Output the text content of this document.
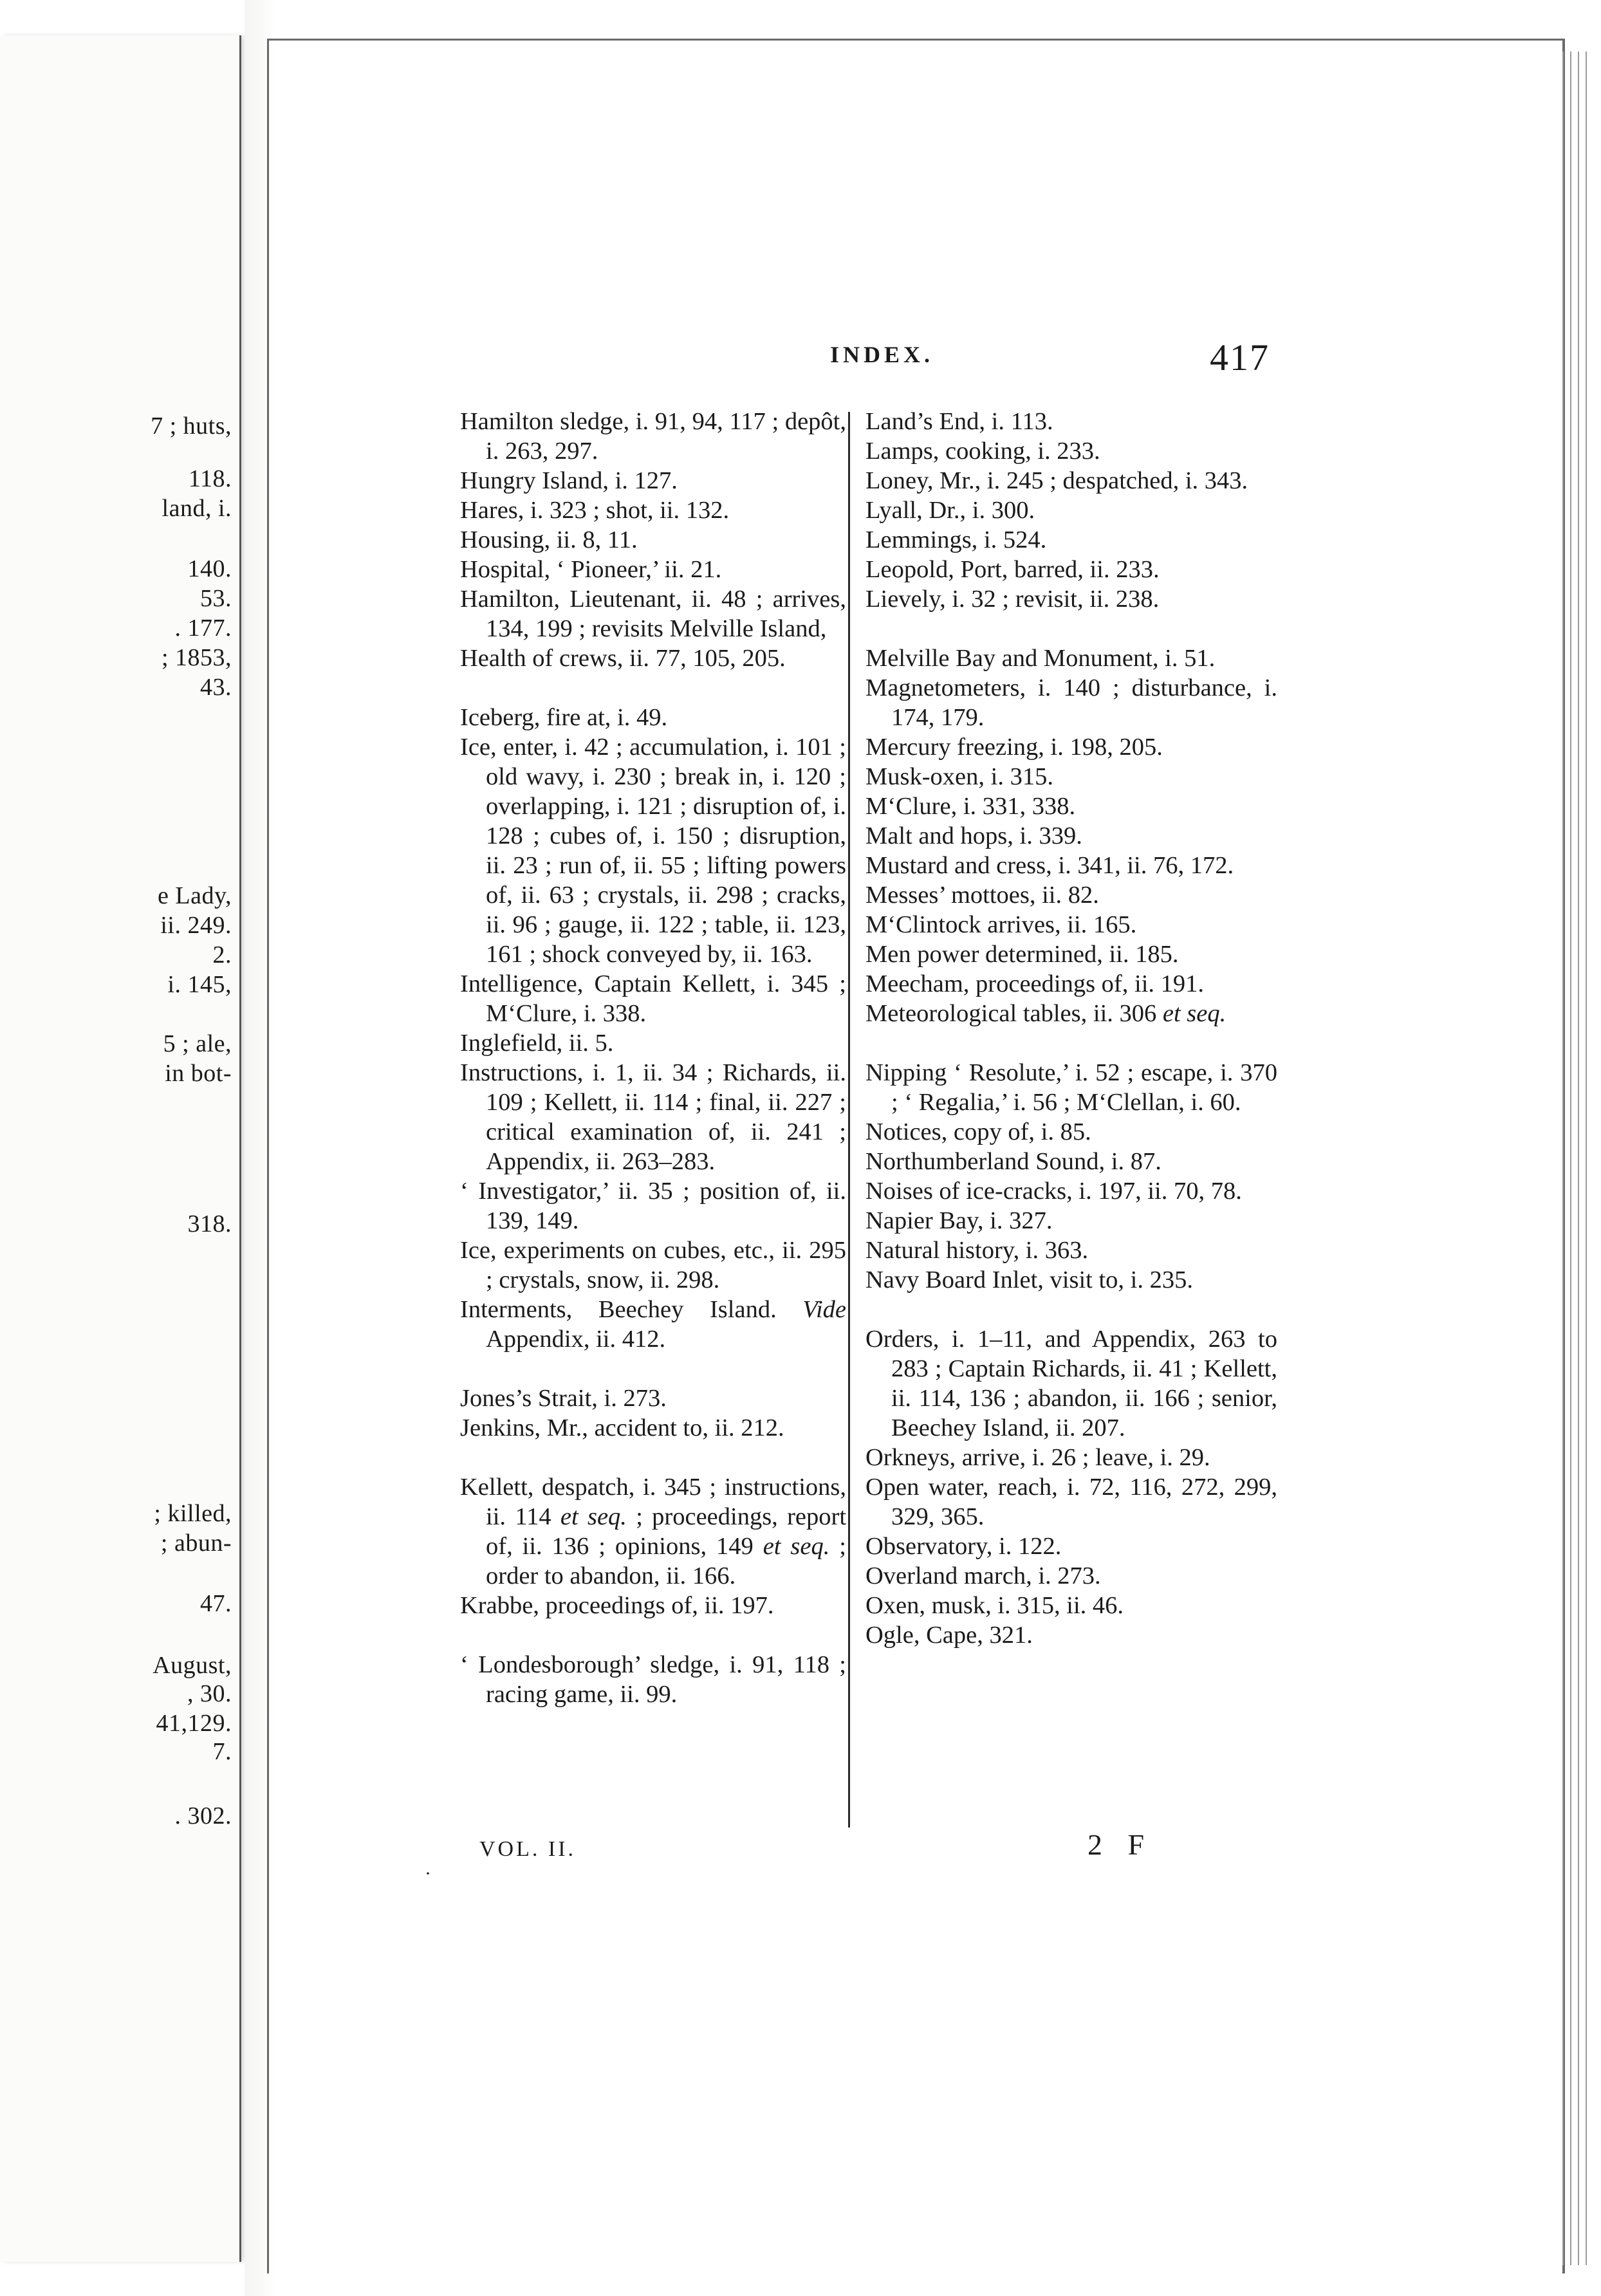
7 ; huts,
118.
land, i.
140.
53.
. 177.
; 1853,
43.
e Lady,
ii. 249.
2.
i. 145,
5 ; ale,
in bot-
318.
; killed,
; abun-
47.
August,
, 30.
41,129.
7.
. 302.
INDEX.	417
Hamilton sledge, i. 91, 94, 117 ; depôt, i. 263, 297.
Hungry Island, i. 127.
Hares, i. 323 ; shot, ii. 132.
Housing, ii. 8, 11.
Hospital, ‘ Pioneer,’ ii. 21.
Hamilton, Lieutenant, ii. 48 ; arrives, 134, 199 ; revisits Melville Island,
Health of crews, ii. 77, 105, 205.
Iceberg, fire at, i. 49.
Ice, enter, i. 42 ; accumulation, i. 101 ; old wavy, i. 230 ; break in, i. 120 ; overlapping, i. 121 ; disruption of, i. 128 ; cubes of, i. 150 ; disruption, ii. 23 ; run of, ii. 55 ; lifting powers of, ii. 63 ; crystals, ii. 298 ; cracks, ii. 96 ; gauge, ii. 122 ; table, ii. 123, 161 ; shock conveyed by, ii. 163.
Intelligence, Captain Kellett, i. 345 ; M‘Clure, i. 338.
Inglefield, ii. 5.
Instructions, i. 1, ii. 34 ; Richards, ii. 109 ; Kellett, ii. 114 ; final, ii. 227 ; critical examination of, ii. 241 ; Appendix, ii. 263–283.
‘ Investigator,’ ii. 35 ; position of, ii. 139, 149.
Ice, experiments on cubes, etc., ii. 295 ; crystals, snow, ii. 298.
Interments, Beechey Island. Vide Appendix, ii. 412.
Jones’s Strait, i. 273.
Jenkins, Mr., accident to, ii. 212.
Kellett, despatch, i. 345 ; instructions, ii. 114 et seq. ; proceedings, report of, ii. 136 ; opinions, 149 et seq. ; order to abandon, ii. 166.
Krabbe, proceedings of, ii. 197.
‘ Londesborough’ sledge, i. 91, 118 ; racing game, ii. 99.
Land’s End, i. 113.
Lamps, cooking, i. 233.
Loney, Mr., i. 245 ; despatched, i. 343.
Lyall, Dr., i. 300.
Lemmings, i. 524.
Leopold, Port, barred, ii. 233.
Lievely, i. 32 ; revisit, ii. 238.
Melville Bay and Monument, i. 51.
Magnetometers, i. 140 ; disturbance, i. 174, 179.
Mercury freezing, i. 198, 205.
Musk-oxen, i. 315.
M‘Clure, i. 331, 338.
Malt and hops, i. 339.
Mustard and cress, i. 341, ii. 76, 172.
Messes’ mottoes, ii. 82.
M‘Clintock arrives, ii. 165.
Men power determined, ii. 185.
Meecham, proceedings of, ii. 191.
Meteorological tables, ii. 306 et seq.
Nipping ‘ Resolute,’ i. 52 ; escape, i. 370 ; ‘ Regalia,’ i. 56 ; M‘Clellan, i. 60.
Notices, copy of, i. 85.
Northumberland Sound, i. 87.
Noises of ice-cracks, i. 197, ii. 70, 78.
Napier Bay, i. 327.
Natural history, i. 363.
Navy Board Inlet, visit to, i. 235.
Orders, i. 1–11, and Appendix, 263 to 283 ; Captain Richards, ii. 41 ; Kellett, ii. 114, 136 ; abandon, ii. 166 ; senior, Beechey Island, ii. 207.
Orkneys, arrive, i. 26 ; leave, i. 29.
Open water, reach, i. 72, 116, 272, 299, 329, 365.
Observatory, i. 122.
Overland march, i. 273.
Oxen, musk, i. 315, ii. 46.
Ogle, Cape, 321.
·
VOL. II.	2 F
